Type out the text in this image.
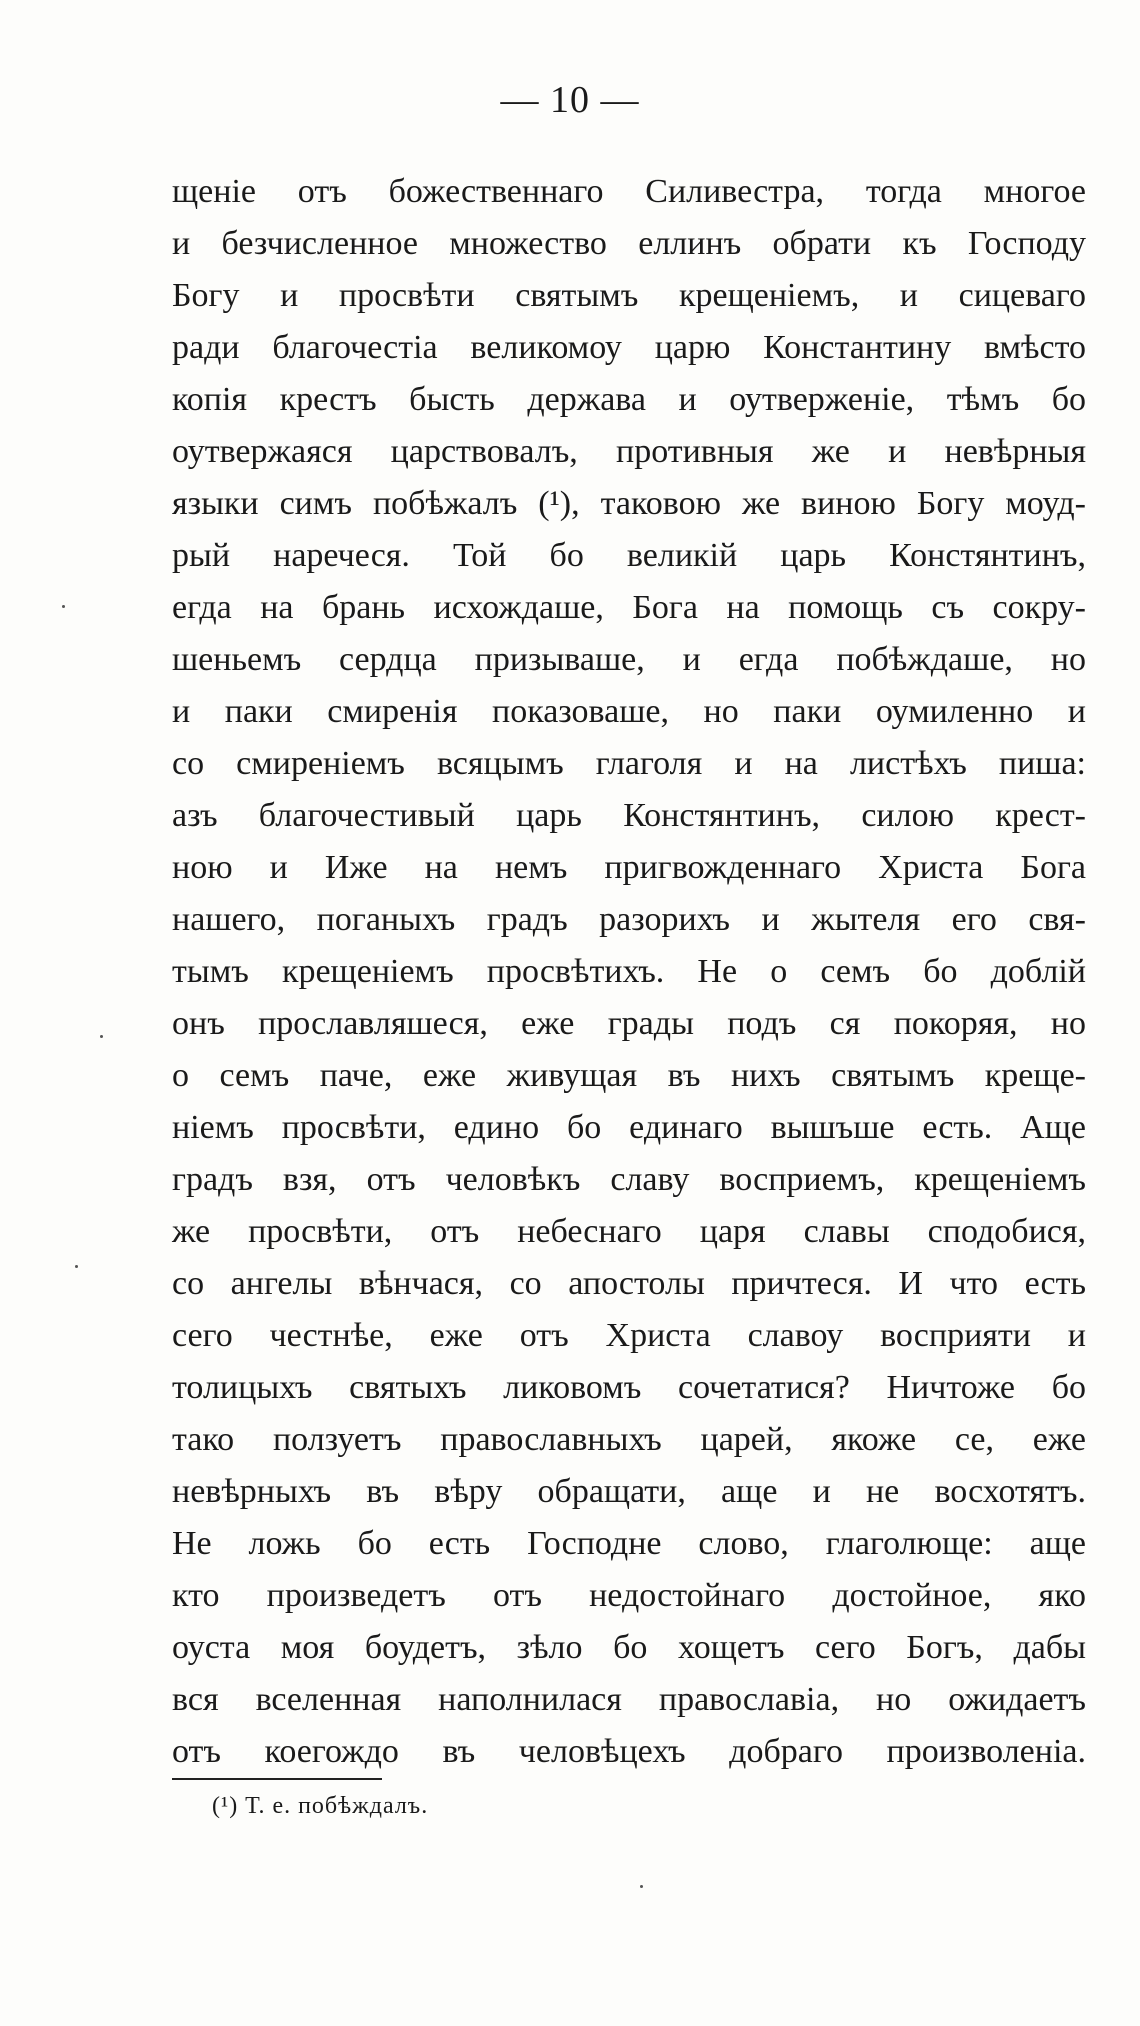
— 10 —
щеніе отъ божественнаго Силивестра, тогда многое
и безчисленное множество еллинъ обрати къ Господу
Богу и просвѣти святымъ крещеніемъ, и сицеваго
ради благочестіа великомоу царю Константину вмѣсто
копія крестъ бысть держава и оутверженіе, тѣмъ бо
оутвержаяся царствовалъ, противныя же и невѣрныя
языки симъ побѣжалъ (¹), таковою же виною Богу моуд-
рый наречеся. Той бо великій царь Констянтинъ,
егда на брань исхождаше, Бога на помощь съ сокру-
шеньемъ сердца призываше, и егда побѣждаше, но
и паки смиренія показоваше, но паки оумиленно и
со смиреніемъ всяцымъ глаголя и на листѣхъ пиша:
азъ благочестивый царь Констянтинъ, силою крест-
ною и Иже на немъ пригвожденнаго Христа Бога
нашего, поганыхъ градъ разорихъ и жытеля его свя-
тымъ крещеніемъ просвѣтихъ. Не о семъ бо доблій
онъ прославляшеся, еже грады подъ ся покоряя, но
о семъ паче, еже живущая въ нихъ святымъ креще-
ніемъ просвѣти, едино бо единаго вышъше есть. Аще
градъ взя, отъ человѣкъ славу восприемъ, крещеніемъ
же просвѣти, отъ небеснаго царя славы сподобися,
со ангелы вѣнчася, со апостолы причтеся. И что есть
сего честнѣе, еже отъ Христа славоу восприяти и
толицыхъ святыхъ ликовомъ сочетатися? Ничтоже бо
тако ползуетъ православныхъ царей, якоже се, еже
невѣрныхъ въ вѣру обращати, аще и не восхотятъ.
Не ложь бо есть Господне слово, глаголюще: аще
кто произведетъ отъ недостойнаго достойное, яко
оуста моя боудетъ, зѣло бо хощетъ сего Богъ, дабы
вся вселенная наполнилася православіа, но ожидаетъ
отъ коегождо въ человѣцехъ добраго произволеніа.
(¹) Т. е. побѣждалъ.
